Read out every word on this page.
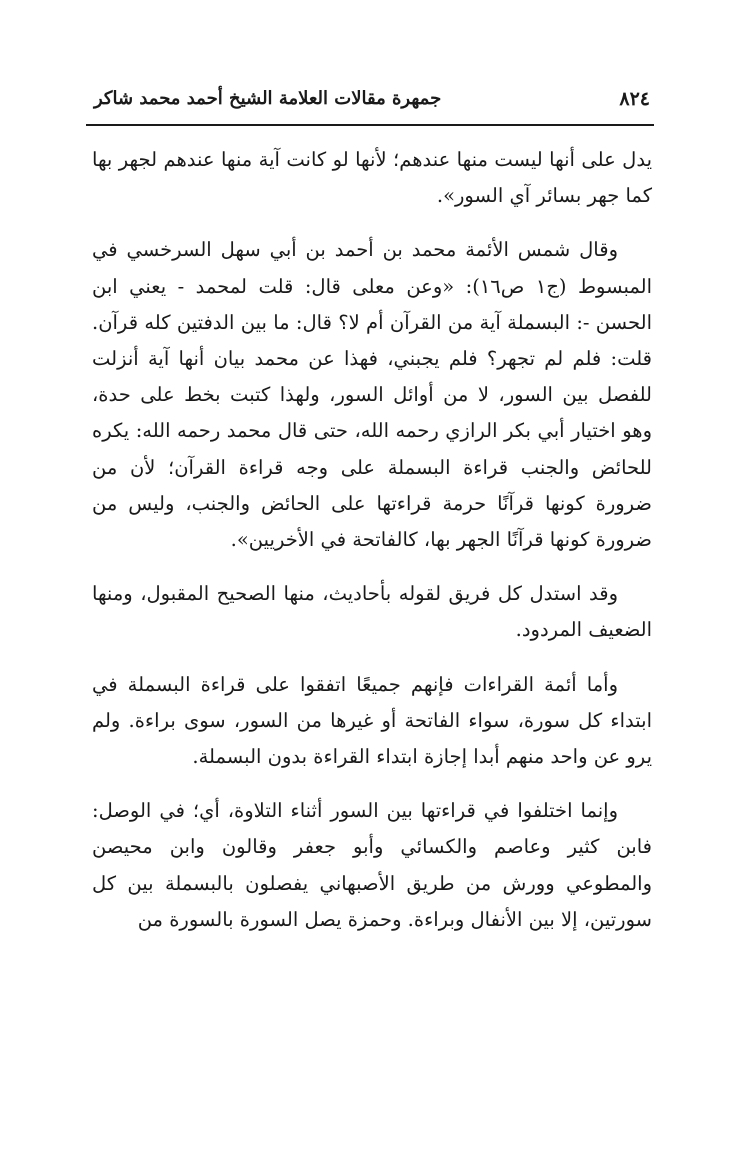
٨٢٤
جمهرة مقالات العلامة الشيخ أحمد محمد شاكر

يدل على أنها ليست منها عندهم؛ لأنها لو كانت آية منها عندهم لجهر بها كما جهر بسائر آي السور».

وقال شمس الأئمة محمد بن أحمد بن أبي سهل السرخسي في المبسوط (ج١ ص١٦): «وعن معلى قال: قلت لمحمد - يعني ابن الحسن -: البسملة آية من القرآن أم لا؟ قال: ما بين الدفتين كله قرآن. قلت: فلم لم تجهر؟ فلم يجبني، فهذا عن محمد بيان أنها آية أنزلت للفصل بين السور، لا من أوائل السور، ولهذا كتبت بخط على حدة، وهو اختيار أبي بكر الرازي رحمه الله، حتى قال محمد رحمه الله: يكره للحائض والجنب قراءة البسملة على وجه قراءة القرآن؛ لأن من ضرورة كونها قرآنًا حرمة قراءتها على الحائض والجنب، وليس من ضرورة كونها قرآنًا الجهر بها، كالفاتحة في الأخريين».

وقد استدل كل فريق لقوله بأحاديث، منها الصحيح المقبول، ومنها الضعيف المردود.

وأما أئمة القراءات فإنهم جميعًا اتفقوا على قراءة البسملة في ابتداء كل سورة، سواء الفاتحة أو غيرها من السور، سوى براءة. ولم يرو عن واحد منهم أبدا إجازة ابتداء القراءة بدون البسملة.

وإنما اختلفوا في قراءتها بين السور أثناء التلاوة، أي؛ في الوصل: فابن كثير وعاصم والكسائي وأبو جعفر وقالون وابن محيصن والمطوعي وورش من طريق الأصبهاني يفصلون بالبسملة بين كل سورتين، إلا بين الأنفال وبراءة. وحمزة يصل السورة بالسورة من
